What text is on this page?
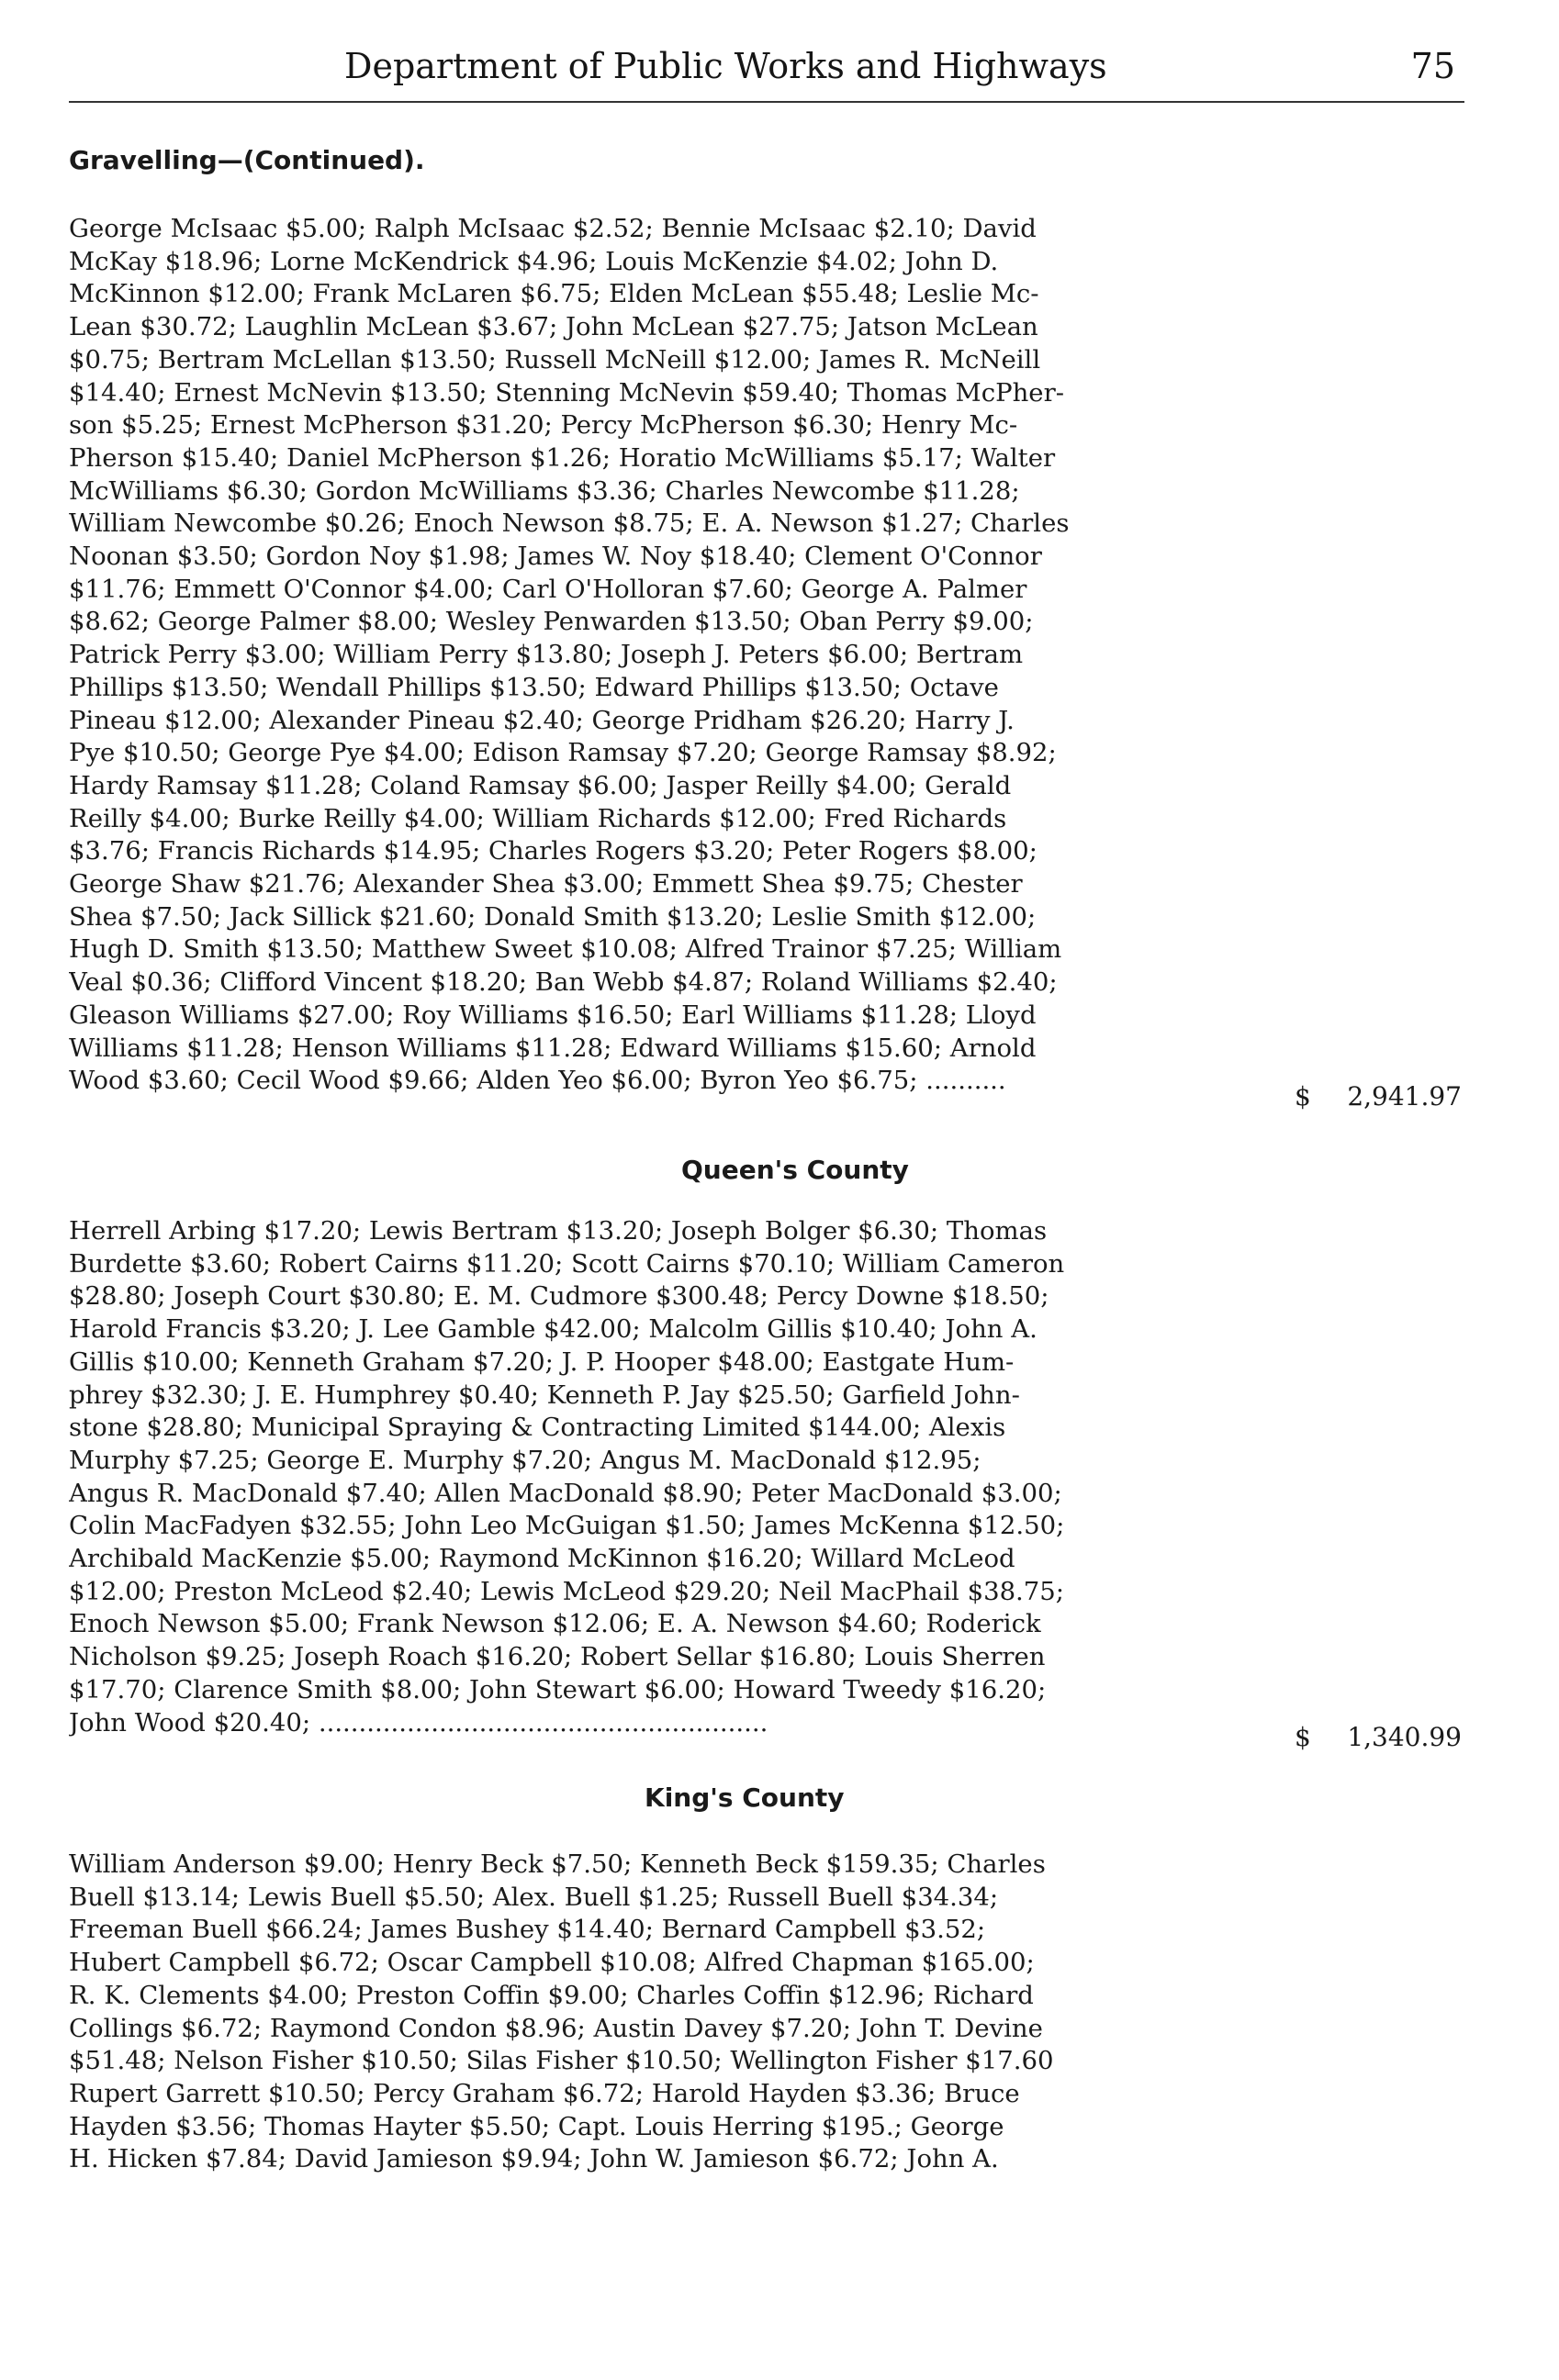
Department of Public Works and Highways	75
Gravelling—(Continued).
George McIsaac $5.00; Ralph McIsaac $2.52; Bennie McIsaac $2.10; David
McKay $18.96; Lorne McKendrick $4.96; Louis McKenzie $4.02; John D.
McKinnon $12.00; Frank McLaren $6.75; Elden McLean $55.48; Leslie Mc-
Lean $30.72; Laughlin McLean $3.67; John McLean $27.75; Jatson McLean
$0.75; Bertram McLellan $13.50; Russell McNeill $12.00; James R. McNeill
$14.40; Ernest McNevin $13.50; Stenning McNevin $59.40; Thomas McPher-
son $5.25; Ernest McPherson $31.20; Percy McPherson $6.30; Henry Mc-
Pherson $15.40; Daniel McPherson $1.26; Horatio McWilliams $5.17; Walter
McWilliams $6.30; Gordon McWilliams $3.36; Charles Newcombe $11.28;
William Newcombe $0.26; Enoch Newson $8.75; E. A. Newson $1.27; Charles
Noonan $3.50; Gordon Noy $1.98; James W. Noy $18.40; Clement O'Connor
$11.76; Emmett O'Connor $4.00; Carl O'Holloran $7.60; George A. Palmer
$8.62; George Palmer $8.00; Wesley Penwarden $13.50; Oban Perry $9.00;
Patrick Perry $3.00; William Perry $13.80; Joseph J. Peters $6.00; Bertram
Phillips $13.50; Wendall Phillips $13.50; Edward Phillips $13.50; Octave
Pineau $12.00; Alexander Pineau $2.40; George Pridham $26.20; Harry J.
Pye $10.50; George Pye $4.00; Edison Ramsay $7.20; George Ramsay $8.92;
Hardy Ramsay $11.28; Coland Ramsay $6.00; Jasper Reilly $4.00; Gerald
Reilly $4.00; Burke Reilly $4.00; William Richards $12.00; Fred Richards
$3.76; Francis Richards $14.95; Charles Rogers $3.20; Peter Rogers $8.00;
George Shaw $21.76; Alexander Shea $3.00; Emmett Shea $9.75; Chester
Shea $7.50; Jack Sillick $21.60; Donald Smith $13.20; Leslie Smith $12.00;
Hugh D. Smith $13.50; Matthew Sweet $10.08; Alfred Trainor $7.25; William
Veal $0.36; Clifford Vincent $18.20; Ban Webb $4.87; Roland Williams $2.40;
Gleason Williams $27.00; Roy Williams $16.50; Earl Williams $11.28; Lloyd
Williams $11.28; Henson Williams $11.28; Edward Williams $15.60; Arnold
Wood $3.60; Cecil Wood $9.66; Alden Yeo $6.00; Byron Yeo $6.75; ..........
$ 2,941.97
Queen's County
Herrell Arbing $17.20; Lewis Bertram $13.20; Joseph Bolger $6.30; Thomas
Burdette $3.60; Robert Cairns $11.20; Scott Cairns $70.10; William Cameron
$28.80; Joseph Court $30.80; E. M. Cudmore $300.48; Percy Downe $18.50;
Harold Francis $3.20; J. Lee Gamble $42.00; Malcolm Gillis $10.40; John A.
Gillis $10.00; Kenneth Graham $7.20; J. P. Hooper $48.00; Eastgate Hum-
phrey $32.30; J. E. Humphrey $0.40; Kenneth P. Jay $25.50; Garfield John-
stone $28.80; Municipal Spraying & Contracting Limited $144.00; Alexis
Murphy $7.25; George E. Murphy $7.20; Angus M. MacDonald $12.95;
Angus R. MacDonald $7.40; Allen MacDonald $8.90; Peter MacDonald $3.00;
Colin MacFadyen $32.55; John Leo McGuigan $1.50; James McKenna $12.50;
Archibald MacKenzie $5.00; Raymond McKinnon $16.20; Willard McLeod
$12.00; Preston McLeod $2.40; Lewis McLeod $29.20; Neil MacPhail $38.75;
Enoch Newson $5.00; Frank Newson $12.06; E. A. Newson $4.60; Roderick
Nicholson $9.25; Joseph Roach $16.20; Robert Sellar $16.80; Louis Sherren
$17.70; Clarence Smith $8.00; John Stewart $6.00; Howard Tweedy $16.20;
John Wood $20.40; ........................................................	$ 1,340.99
King's County
William Anderson $9.00; Henry Beck $7.50; Kenneth Beck $159.35; Charles
Buell $13.14; Lewis Buell $5.50; Alex. Buell $1.25; Russell Buell $34.34;
Freeman Buell $66.24; James Bushey $14.40; Bernard Campbell $3.52;
Hubert Campbell $6.72; Oscar Campbell $10.08; Alfred Chapman $165.00;
R. K. Clements $4.00; Preston Coffin $9.00; Charles Coffin $12.96; Richard
Collings $6.72; Raymond Condon $8.96; Austin Davey $7.20; John T. Devine
$51.48; Nelson Fisher $10.50; Silas Fisher $10.50; Wellington Fisher $17.60
Rupert Garrett $10.50; Percy Graham $6.72; Harold Hayden $3.36; Bruce
Hayden $3.56; Thomas Hayter $5.50; Capt. Louis Herring $195.; George
H. Hicken $7.84; David Jamieson $9.94; John W. Jamieson $6.72; John A.
